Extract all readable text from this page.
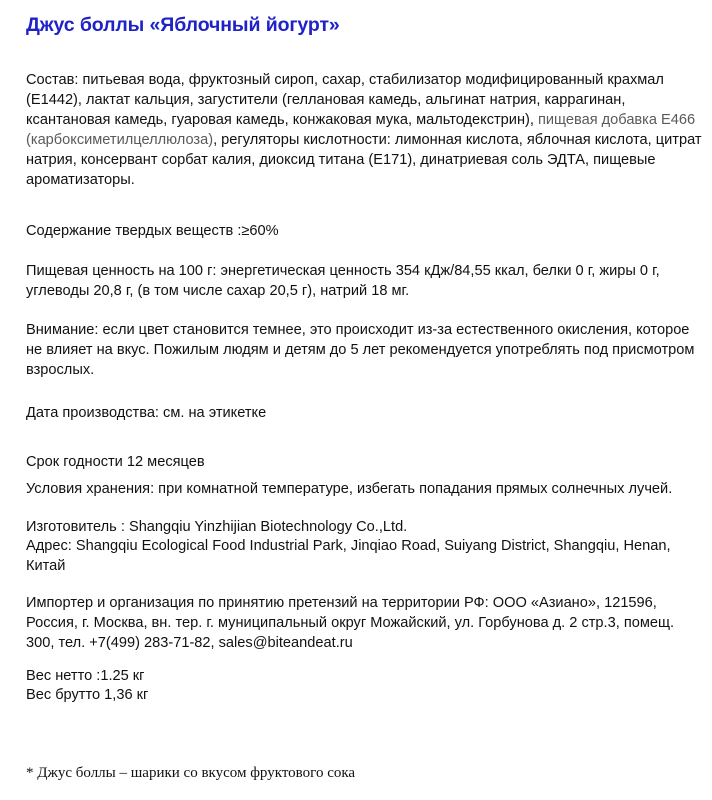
Джус боллы «Яблочный йогурт»

Состав: питьевая вода, фруктозный сироп, сахар, стабилизатор модифицированный крахмал (E1442), лактат кальция, загустители (геллановая камедь, альгинат натрия, каррагинан, ксантановая камедь, гуаровая камедь, конжаковая мука, мальтодекстрин), пищевая добавка E466 (карбоксиметилцеллюлоза), регуляторы кислотности: лимонная кислота, яблочная кислота, цитрат натрия, консервант сорбат калия, диоксид титана (Е171), динатриевая соль ЭДТА, пищевые ароматизаторы.

Содержание твердых веществ :≥60%

Пищевая ценность на 100 г: энергетическая ценность 354 кДж/84,55 ккал, белки 0 г, жиры 0 г, углеводы 20,8 г, (в том числе сахар 20,5 г), натрий 18 мг.

Внимание: если цвет становится темнее, это происходит из-за естественного окисления, которое не влияет на вкус. Пожилым людям и детям до 5 лет рекомендуется употреблять под присмотром взрослых.

Дата производства: см. на этикетке

Срок годности 12 месяцев

Условия хранения: при комнатной температуре, избегать попадания прямых солнечных лучей.

Изготовитель : Shangqiu Yinzhijian Biotechnology Co.,Ltd.

Адрес: Shangqiu Ecological Food Industrial Park, Jinqiao Road, Suiyang District, Shangqiu, Henan, Китай

Импортер и организация по принятию претензий на территории РФ: ООО «Азиано», 121596, Россия, г. Москва, вн. тер. г. муниципальный округ Можайский, ул. Горбунова д. 2 стр.3, помещ. 300, тел. +7(499) 283-71-82, sales@biteandeat.ru

Вес нетто :1.25 кг

Вес брутто 1,36 кг

* Джус боллы – шарики со вкусом фруктового сока
